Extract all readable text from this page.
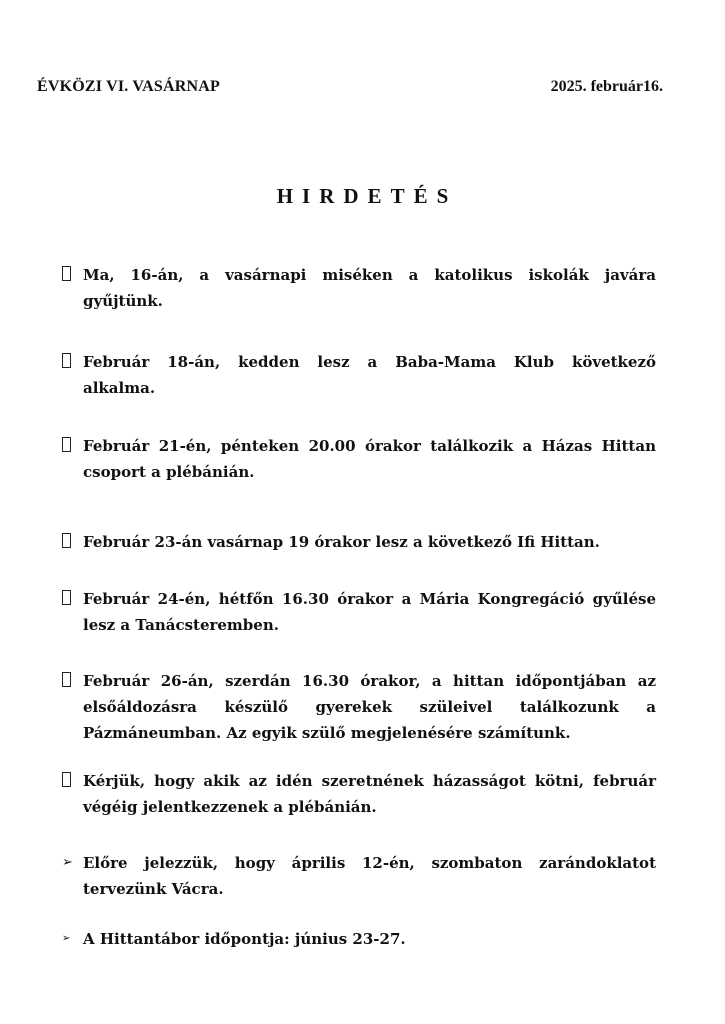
ÉVKÖZI VI. VASÁRNAP	2025. február16.
HIRDETÉS
Ma, 16-án, a vasárnapi miséken a katolikus iskolák javára
gyűjtünk.
Február 18-án, kedden lesz a Baba-Mama Klub következő
alkalma.
Február 21-én, pénteken 20.00 órakor találkozik a Házas Hittan
csoport a plébánián.
Február 23-án vasárnap 19 órakor lesz a következő Ifi Hittan.
Február 24-én, hétfőn 16.30 órakor a Mária Kongregáció gyűlése
lesz a Tanácsteremben.
Február 26-án, szerdán 16.30 órakor, a hittan időpontjában az
elsőáldozásra készülő gyerekek szüleivel találkozunk a
Pázmáneumban. Az egyik szülő megjelenésére számítunk.
Kérjük, hogy akik az idén szeretnének házasságot kötni, február
végéig jelentkezzenek a plébánián.
➢ Előre jelezzük, hogy április 12-én, szombaton zarándoklatot
tervezünk Vácra.
➢ A Hittantábor időpontja: június 23-27.
